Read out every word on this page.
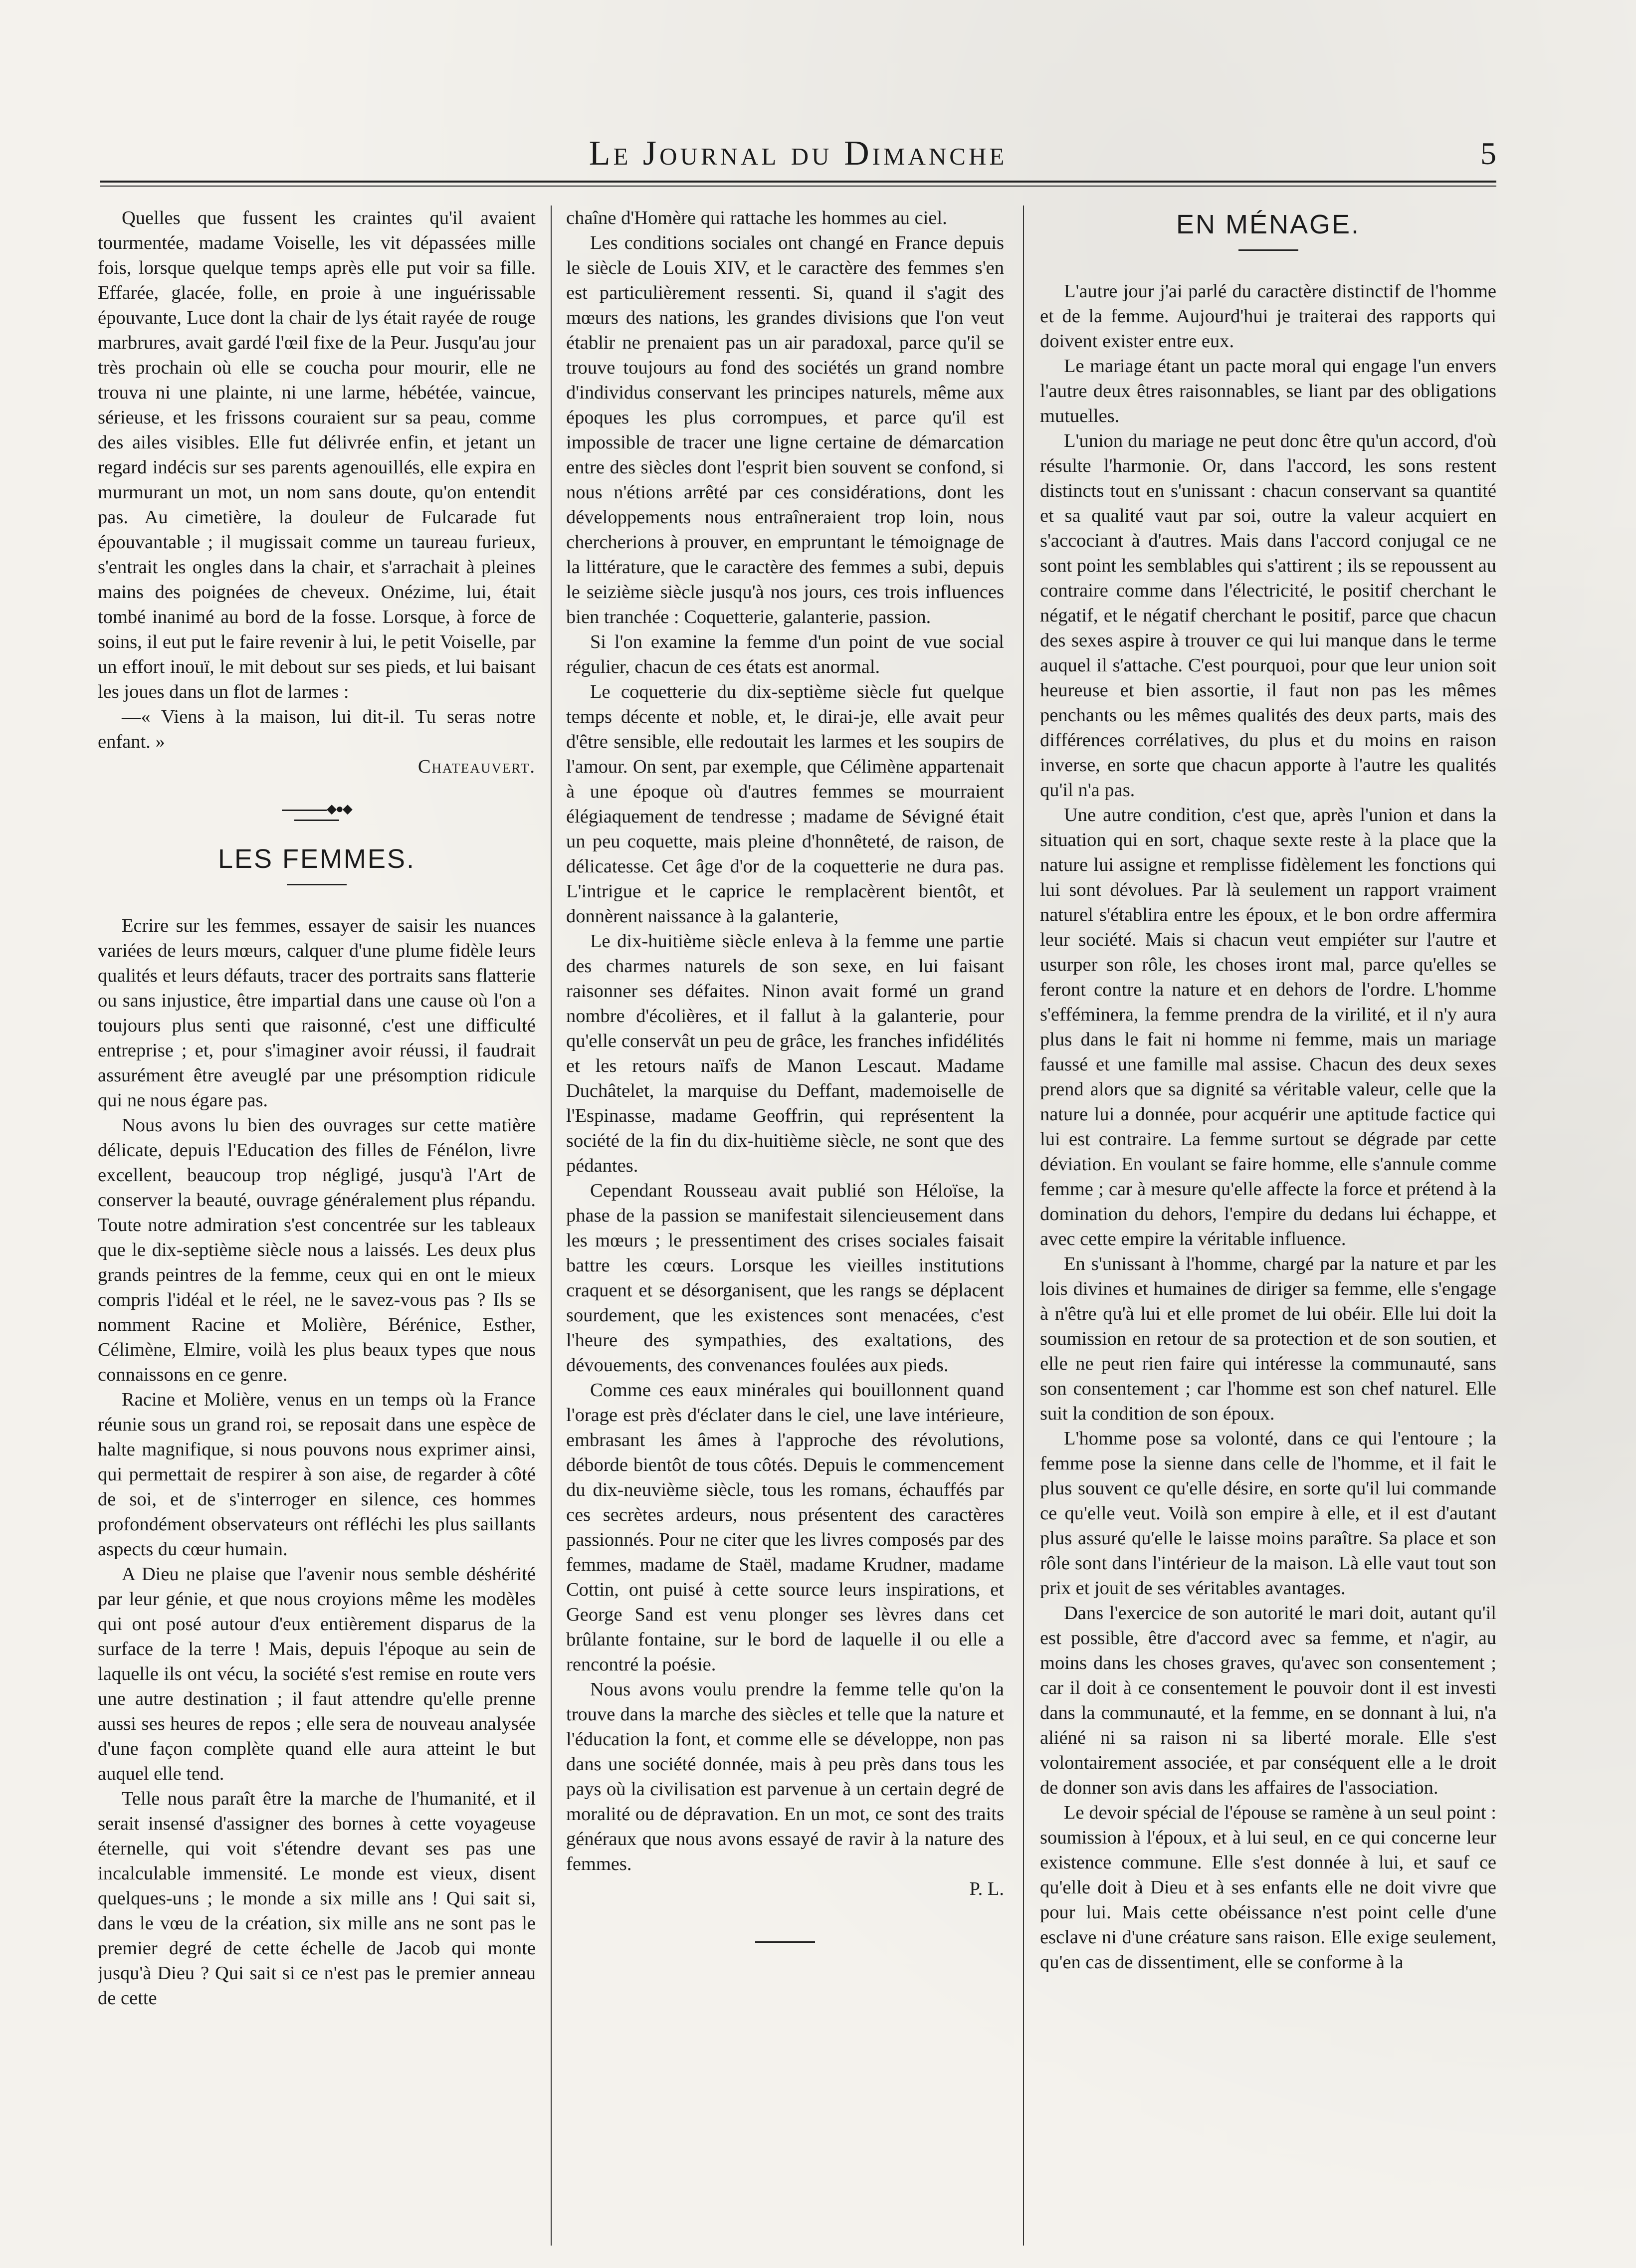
Le Journal du Dimanche	5

Quelles que fussent les craintes qu'il avaient tourmentée, madame Voiselle, les vit dépassées mille fois, lorsque quelque temps après elle put voir sa fille. Effarée, glacée, folle, en proie à une inguérissable épouvante, Luce dont la chair de lys était rayée de rouge marbrures, avait gardé l'œil fixe de la Peur. Jusqu'au jour très prochain où elle se coucha pour mourir, elle ne trouva ni une plainte, ni une larme, hébétée, vaincue, sérieuse, et les frissons couraient sur sa peau, comme des ailes visibles. Elle fut délivrée enfin, et jetant un regard indécis sur ses parents agenouillés, elle expira en murmurant un mot, un nom sans doute, qu'on entendit pas. Au cimetière, la douleur de Fulcarade fut épouvantable ; il mugissait comme un taureau furieux, s'entrait les ongles dans la chair, et s'arrachait à pleines mains des poignées de cheveux. Onézime, lui, était tombé inanimé au bord de la fosse. Lorsque, à force de soins, il eut put le faire revenir à lui, le petit Voiselle, par un effort inouï, le mit debout sur ses pieds, et lui baisant les joues dans un flot de larmes :

—« Viens à la maison, lui dit-il. Tu seras notre enfant. »

Chateauvert.

◆●◆
LES FEMMES.

Ecrire sur les femmes, essayer de saisir les nuances variées de leurs mœurs, calquer d'une plume fidèle leurs qualités et leurs défauts, tracer des portraits sans flatterie ou sans injustice, être impartial dans une cause où l'on a toujours plus senti que raisonné, c'est une difficulté entreprise ; et, pour s'imaginer avoir réussi, il faudrait assurément être aveuglé par une présomption ridicule qui ne nous égare pas.

Nous avons lu bien des ouvrages sur cette matière délicate, depuis l'Education des filles de Fénélon, livre excellent, beaucoup trop négligé, jusqu'à l'Art de conserver la beauté, ouvrage généralement plus répandu. Toute notre admiration s'est concentrée sur les tableaux que le dix-septième siècle nous a laissés. Les deux plus grands peintres de la femme, ceux qui en ont le mieux compris l'idéal et le réel, ne le savez-vous pas ? Ils se nomment Racine et Molière, Bérénice, Esther, Célimène, Elmire, voilà les plus beaux types que nous connaissons en ce genre.

Racine et Molière, venus en un temps où la France réunie sous un grand roi, se reposait dans une espèce de halte magnifique, si nous pouvons nous exprimer ainsi, qui permettait de respirer à son aise, de regarder à côté de soi, et de s'interroger en silence, ces hommes profondément observateurs ont réfléchi les plus saillants aspects du cœur humain.

A Dieu ne plaise que l'avenir nous semble déshérité par leur génie, et que nous croyions même les modèles qui ont posé autour d'eux entièrement disparus de la surface de la terre ! Mais, depuis l'époque au sein de laquelle ils ont vécu, la société s'est remise en route vers une autre destination ; il faut attendre qu'elle prenne aussi ses heures de repos ; elle sera de nouveau analysée d'une façon complète quand elle aura atteint le but auquel elle tend.

Telle nous paraît être la marche de l'humanité, et il serait insensé d'assigner des bornes à cette voyageuse éternelle, qui voit s'étendre devant ses pas une incalculable immensité. Le monde est vieux, disent quelques-uns ; le monde a six mille ans ! Qui sait si, dans le vœu de la création, six mille ans ne sont pas le premier degré de cette échelle de Jacob qui monte jusqu'à Dieu ? Qui sait si ce n'est pas le premier anneau de cette

chaîne d'Homère qui rattache les hommes au ciel.

Les conditions sociales ont changé en France depuis le siècle de Louis XIV, et le caractère des femmes s'en est particulièrement ressenti. Si, quand il s'agit des mœurs des nations, les grandes divisions que l'on veut établir ne prenaient pas un air paradoxal, parce qu'il se trouve toujours au fond des sociétés un grand nombre d'individus conservant les principes naturels, même aux époques les plus corrompues, et parce qu'il est impossible de tracer une ligne certaine de démarcation entre des siècles dont l'esprit bien souvent se confond, si nous n'étions arrêté par ces considérations, dont les développements nous entraîneraient trop loin, nous chercherions à prouver, en empruntant le témoignage de la littérature, que le caractère des femmes a subi, depuis le seizième siècle jusqu'à nos jours, ces trois influences bien tranchée : Coquetterie, galanterie, passion.

Si l'on examine la femme d'un point de vue social régulier, chacun de ces états est anormal.

Le coquetterie du dix-septième siècle fut quelque temps décente et noble, et, le dirai-je, elle avait peur d'être sensible, elle redoutait les larmes et les soupirs de l'amour. On sent, par exemple, que Célimène appartenait à une époque où d'autres femmes se mourraient élégiaquement de tendresse ; madame de Sévigné était un peu coquette, mais pleine d'honnêteté, de raison, de délicatesse. Cet âge d'or de la coquetterie ne dura pas. L'intrigue et le caprice le remplacèrent bientôt, et donnèrent naissance à la galanterie,

Le dix-huitième siècle enleva à la femme une partie des charmes naturels de son sexe, en lui faisant raisonner ses défaites. Ninon avait formé un grand nombre d'écolières, et il fallut à la galanterie, pour qu'elle conservât un peu de grâce, les franches infidélités et les retours naïfs de Manon Lescaut. Madame Duchâtelet, la marquise du Deffant, mademoiselle de l'Espinasse, madame Geoffrin, qui représentent la société de la fin du dix-huitième siècle, ne sont que des pédantes.

Cependant Rousseau avait publié son Héloïse, la phase de la passion se manifestait silencieusement dans les mœurs ; le pressentiment des crises sociales faisait battre les cœurs. Lorsque les vieilles institutions craquent et se désorganisent, que les rangs se déplacent sourdement, que les existences sont menacées, c'est l'heure des sympathies, des exaltations, des dévouements, des convenances foulées aux pieds.

Comme ces eaux minérales qui bouillonnent quand l'orage est près d'éclater dans le ciel, une lave intérieure, embrasant les âmes à l'approche des révolutions, déborde bientôt de tous côtés. Depuis le commencement du dix-neuvième siècle, tous les romans, échauffés par ces secrètes ardeurs, nous présentent des caractères passionnés. Pour ne citer que les livres composés par des femmes, madame de Staël, madame Krudner, madame Cottin, ont puisé à cette source leurs inspirations, et George Sand est venu plonger ses lèvres dans cet brûlante fontaine, sur le bord de laquelle il ou elle a rencontré la poésie.

Nous avons voulu prendre la femme telle qu'on la trouve dans la marche des siècles et telle que la nature et l'éducation la font, et comme elle se développe, non pas dans une société donnée, mais à peu près dans tous les pays où la civilisation est parvenue à un certain degré de moralité ou de dépravation. En un mot, ce sont des traits généraux que nous avons essayé de ravir à la nature des femmes.

P. L.

EN MÉNAGE.

L'autre jour j'ai parlé du caractère distinctif de l'homme et de la femme. Aujourd'hui je traiterai des rapports qui doivent exister entre eux.

Le mariage étant un pacte moral qui engage l'un envers l'autre deux êtres raisonnables, se liant par des obligations mutuelles.

L'union du mariage ne peut donc être qu'un accord, d'où résulte l'harmonie. Or, dans l'accord, les sons restent distincts tout en s'unissant : chacun conservant sa quantité et sa qualité vaut par soi, outre la valeur acquiert en s'accociant à d'autres. Mais dans l'accord conjugal ce ne sont point les semblables qui s'attirent ; ils se repoussent au contraire comme dans l'électricité, le positif cherchant le négatif, et le négatif cherchant le positif, parce que chacun des sexes aspire à trouver ce qui lui manque dans le terme auquel il s'attache. C'est pourquoi, pour que leur union soit heureuse et bien assortie, il faut non pas les mêmes penchants ou les mêmes qualités des deux parts, mais des différences corrélatives, du plus et du moins en raison inverse, en sorte que chacun apporte à l'autre les qualités qu'il n'a pas.

Une autre condition, c'est que, après l'union et dans la situation qui en sort, chaque sexte reste à la place que la nature lui assigne et remplisse fidèlement les fonctions qui lui sont dévolues. Par là seulement un rapport vraiment naturel s'établira entre les époux, et le bon ordre affermira leur société. Mais si chacun veut empiéter sur l'autre et usurper son rôle, les choses iront mal, parce qu'elles se feront contre la nature et en dehors de l'ordre. L'homme s'efféminera, la femme prendra de la virilité, et il n'y aura plus dans le fait ni homme ni femme, mais un mariage faussé et une famille mal assise. Chacun des deux sexes prend alors que sa dignité sa véritable valeur, celle que la nature lui a donnée, pour acquérir une aptitude factice qui lui est contraire. La femme surtout se dégrade par cette déviation. En voulant se faire homme, elle s'annule comme femme ; car à mesure qu'elle affecte la force et prétend à la domination du dehors, l'empire du dedans lui échappe, et avec cette empire la véritable influence.

En s'unissant à l'homme, chargé par la nature et par les lois divines et humaines de diriger sa femme, elle s'engage à n'être qu'à lui et elle promet de lui obéir. Elle lui doit la soumission en retour de sa protection et de son soutien, et elle ne peut rien faire qui intéresse la communauté, sans son consentement ; car l'homme est son chef naturel. Elle suit la condition de son époux.

L'homme pose sa volonté, dans ce qui l'entoure ; la femme pose la sienne dans celle de l'homme, et il fait le plus souvent ce qu'elle désire, en sorte qu'il lui commande ce qu'elle veut. Voilà son empire à elle, et il est d'autant plus assuré qu'elle le laisse moins paraître. Sa place et son rôle sont dans l'intérieur de la maison. Là elle vaut tout son prix et jouit de ses véritables avantages.

Dans l'exercice de son autorité le mari doit, autant qu'il est possible, être d'accord avec sa femme, et n'agir, au moins dans les choses graves, qu'avec son consentement ; car il doit à ce consentement le pouvoir dont il est investi dans la communauté, et la femme, en se donnant à lui, n'a aliéné ni sa raison ni sa liberté morale. Elle s'est volontairement associée, et par conséquent elle a le droit de donner son avis dans les affaires de l'association.

Le devoir spécial de l'épouse se ramène à un seul point : soumission à l'époux, et à lui seul, en ce qui concerne leur existence commune. Elle s'est donnée à lui, et sauf ce qu'elle doit à Dieu et à ses enfants elle ne doit vivre que pour lui. Mais cette obéissance n'est point celle d'une esclave ni d'une créature sans raison. Elle exige seulement, qu'en cas de dissentiment, elle se conforme à la
